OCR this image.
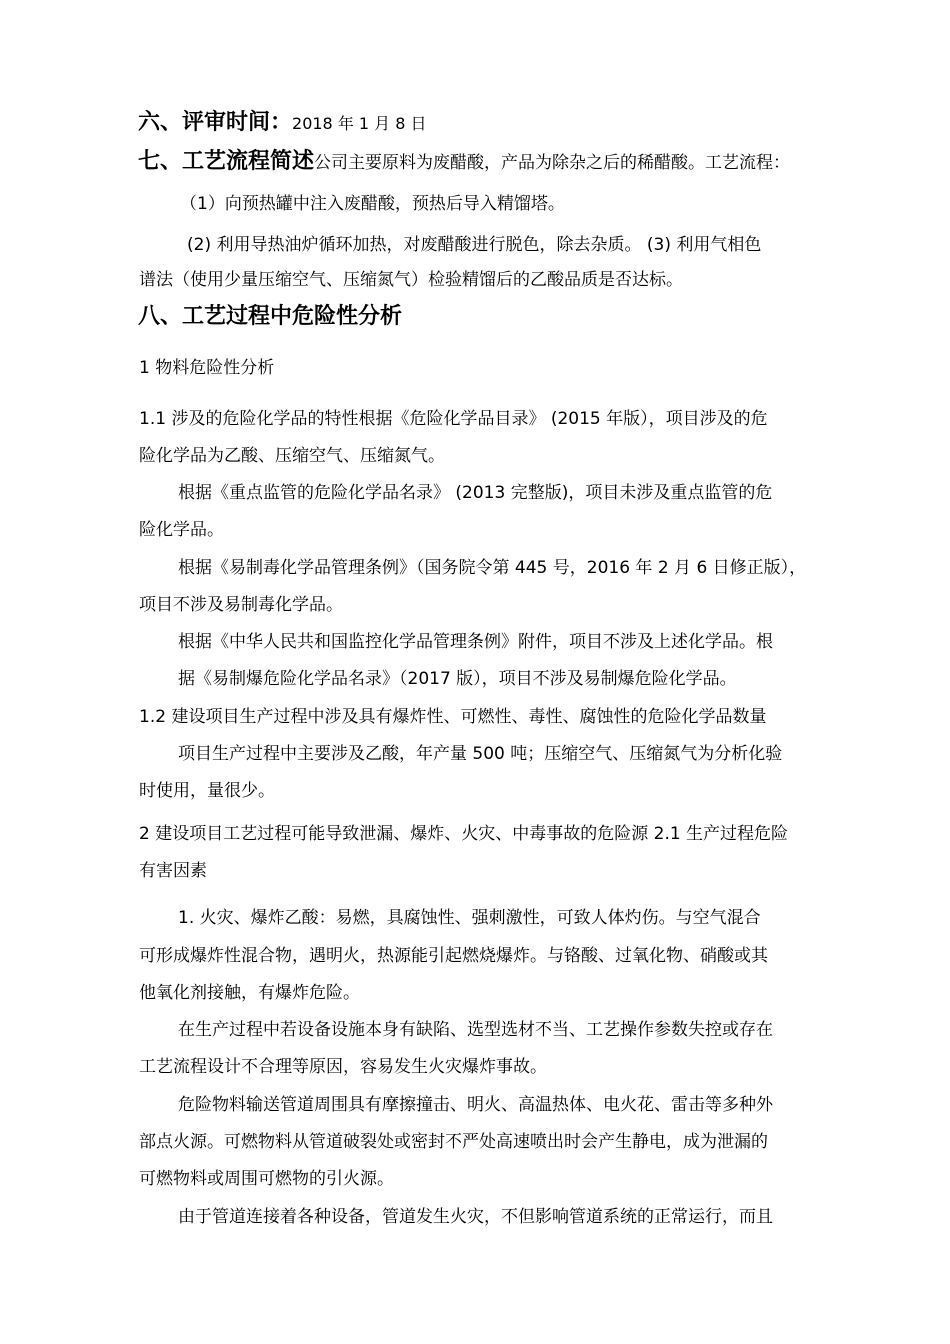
六、评审时间：2018 年 1 月 8 日
七、工艺流程简述公司主要原料为废醋酸，产品为除杂之后的稀醋酸。工艺流程：
（1）向预热罐中注入废醋酸，预热后导入精馏塔。
(2) 利用导热油炉循环加热，对废醋酸进行脱色，除去杂质。 (3) 利用气相色
谱法（使用少量压缩空气、压缩氮气）检验精馏后的乙酸品质是否达标。
八、工艺过程中危险性分析
1 物料危险性分析
1.1 涉及的危险化学品的特性根据《危险化学品目录》 (2015 年版），项目涉及的危
险化学品为乙酸、压缩空气、压缩氮气。
根据《重点监管的危险化学品名录》 (2013 完整版)，项目未涉及重点监管的危
险化学品。
根据《易制毒化学品管理条例》（国务院令第 445 号，2016 年 2 月 6 日修正版），
项目不涉及易制毒化学品。
根据《中华人民共和国监控化学品管理条例》附件，项目不涉及上述化学品。根
据《易制爆危险化学品名录》（2017 版），项目不涉及易制爆危险化学品。
1.2 建设项目生产过程中涉及具有爆炸性、可燃性、毒性、腐蚀性的危险化学品数量
项目生产过程中主要涉及乙酸，年产量 500 吨；压缩空气、压缩氮气为分析化验
时使用，量很少。
2 建设项目工艺过程可能导致泄漏、爆炸、火灾、中毒事故的危险源 2.1 生产过程危险
有害因素
1. 火灾、爆炸乙酸：易燃，具腐蚀性、强刺激性，可致人体灼伤。与空气混合
可形成爆炸性混合物，遇明火，热源能引起燃烧爆炸。与铬酸、过氧化物、硝酸或其
他氧化剂接触，有爆炸危险。
在生产过程中若设备设施本身有缺陷、选型选材不当、工艺操作参数失控或存在
工艺流程设计不合理等原因，容易发生火灾爆炸事故。
危险物料输送管道周围具有摩擦撞击、明火、高温热体、电火花、雷击等多种外
部点火源。可燃物料从管道破裂处或密封不严处高速喷出时会产生静电，成为泄漏的
可燃物料或周围可燃物的引火源。
由于管道连接着各种设备，管道发生火灾，不但影响管道系统的正常运行，而且
